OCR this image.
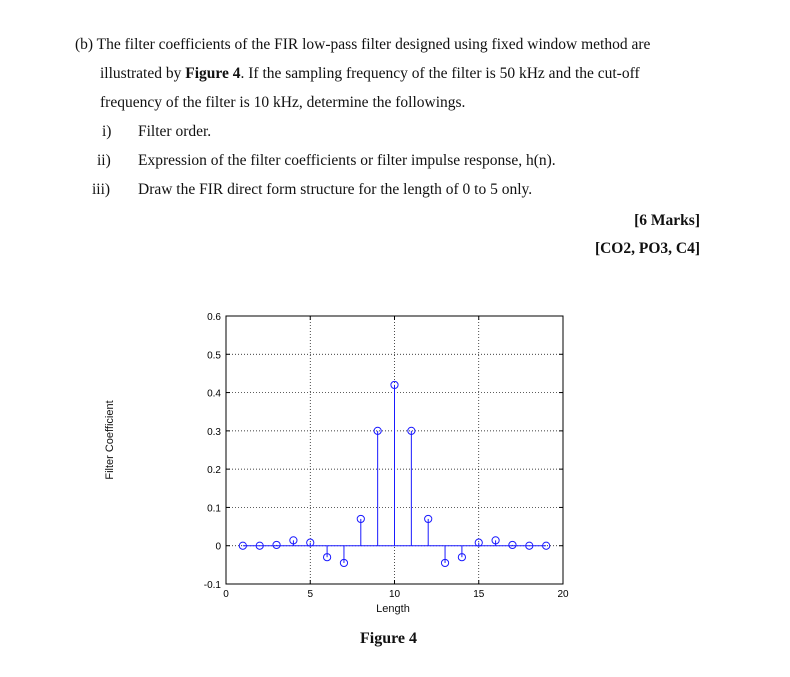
(b) The filter coefficients of the FIR low-pass filter designed using fixed window method are
illustrated by Figure 4. If the sampling frequency of the filter is 50 kHz and the cut-off
frequency of the filter is 10 kHz, determine the followings.
i) Filter order.
ii) Expression of the filter coefficients or filter impulse response, h(n).
iii) Draw the FIR direct form structure for the length of 0 to 5 only.
[6 Marks]
[CO2, PO3, C4]
-0.1
0
0.1
0.2
0.3
0.4
0.5
0.6
0	5	10	15	20
Filter Coefficient
Length
Figure 4
